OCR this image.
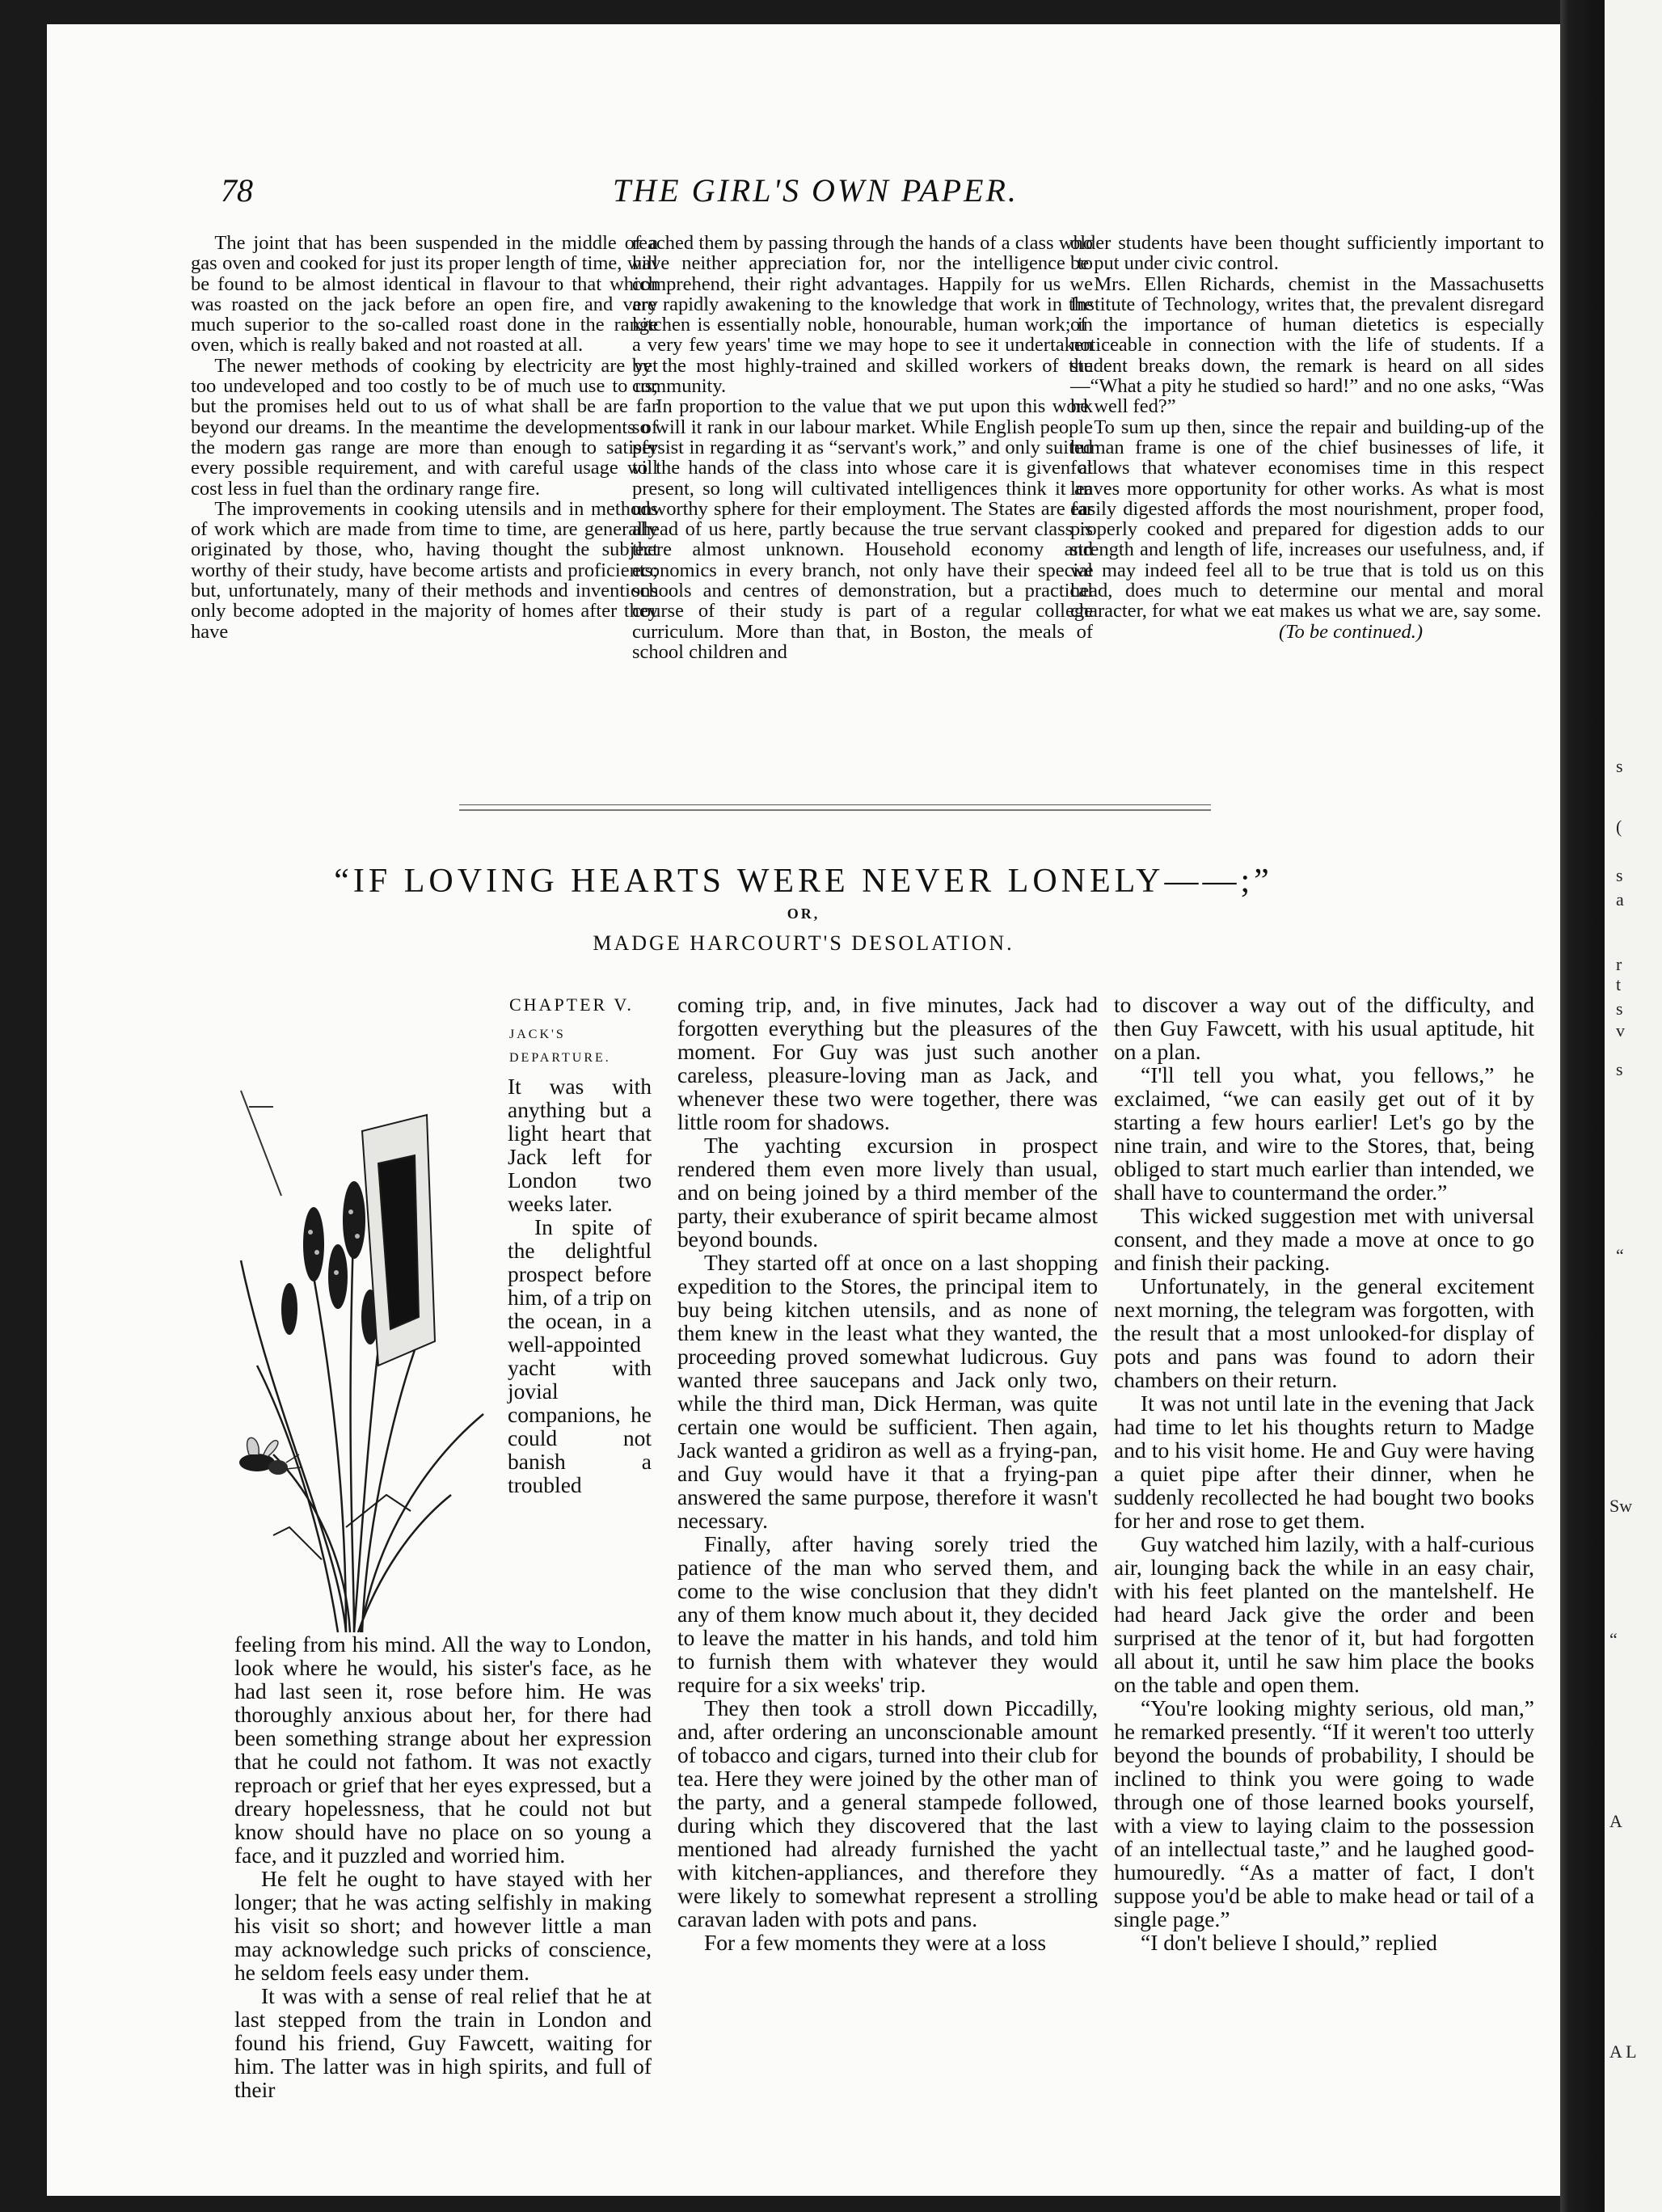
s
(
s
a
r
t
s
v
s
“
Sw
“
A
A L
78	THE GIRL'S OWN PAPER.

The joint that has been suspended in the middle of a gas oven and cooked for just its proper length of time, will be found to be almost identical in flavour to that which was roasted on the jack before an open fire, and very much superior to the so-called roast done in the range oven, which is really baked and not roasted at all.

The newer methods of cooking by electricity are yet too undeveloped and too costly to be of much use to us; but the promises held out to us of what shall be are far beyond our dreams. In the meantime the developments of the modern gas range are more than enough to satisfy every possible requirement, and with careful usage will cost less in fuel than the ordinary range fire.

The improvements in cooking utensils and in methods of work which are made from time to time, are generally originated by those, who, having thought the subject worthy of their study, have become artists and proficients; but, unfortunately, many of their methods and inventions only become adopted in the majority of homes after they have

reached them by passing through the hands of a class who have neither appreciation for, nor the intelligence to comprehend, their right advantages. Happily for us we are rapidly awakening to the knowledge that work in the kitchen is essentially noble, honourable, human work; in a very few years' time we may hope to see it undertaken by the most highly-trained and skilled workers of the community.

In proportion to the value that we put upon this work so will it rank in our labour market. While English people persist in regarding it as “servant's work,” and only suited to the hands of the class into whose care it is given at present, so long will cultivated intelligences think it an unworthy sphere for their employment. The States are far ahead of us here, partly because the true servant class is there almost unknown. Household economy and economics in every branch, not only have their special schools and centres of demonstration, but a practical course of their study is part of a regular college curriculum. More than that, in Boston, the meals of school children and

older students have been thought sufficiently important to be put under civic control.

Mrs. Ellen Richards, chemist in the Massachusetts Institute of Technology, writes that, the prevalent disregard of the importance of human dietetics is especially noticeable in connection with the life of students. If a student breaks down, the remark is heard on all sides—“What a pity he studied so hard!” and no one asks, “Was he well fed?”

To sum up then, since the repair and building-up of the human frame is one of the chief businesses of life, it follows that whatever economises time in this respect leaves more opportunity for other works. As what is most easily digested affords the most nourishment, proper food, properly cooked and prepared for digestion adds to our strength and length of life, increases our usefulness, and, if we may indeed feel all to be true that is told us on this head, does much to determine our mental and moral character, for what we eat makes us what we are, say some.

(To be continued.)

“IF LOVING HEARTS WERE NEVER LONELY——;”
OR,
MADGE HARCOURT'S DESOLATION.

CHAPTER V.

JACK'S DEPARTURE.

It was with anything but a light heart that Jack left for London two weeks later.

In spite of the delightful prospect before him, of a trip on the ocean, in a well-appointed yacht with jovial companions, he could not banish a troubled

feeling from his mind. All the way to London, look where he would, his sister's face, as he had last seen it, rose before him. He was thoroughly anxious about her, for there had been something strange about her expression that he could not fathom. It was not exactly reproach or grief that her eyes expressed, but a dreary hopelessness, that he could not but know should have no place on so young a face, and it puzzled and worried him.

He felt he ought to have stayed with her longer; that he was acting selfishly in making his visit so short; and however little a man may acknowledge such pricks of conscience, he seldom feels easy under them.

It was with a sense of real relief that he at last stepped from the train in London and found his friend, Guy Fawcett, waiting for him. The latter was in high spirits, and full of their

coming trip, and, in five minutes, Jack had forgotten everything but the pleasures of the moment. For Guy was just such another careless, pleasure-loving man as Jack, and whenever these two were together, there was little room for shadows.

The yachting excursion in prospect rendered them even more lively than usual, and on being joined by a third member of the party, their exuberance of spirit became almost beyond bounds.

They started off at once on a last shopping expedition to the Stores, the principal item to buy being kitchen utensils, and as none of them knew in the least what they wanted, the proceeding proved somewhat ludicrous. Guy wanted three saucepans and Jack only two, while the third man, Dick Herman, was quite certain one would be sufficient. Then again, Jack wanted a gridiron as well as a frying-pan, and Guy would have it that a frying-pan answered the same purpose, therefore it wasn't necessary.

Finally, after having sorely tried the patience of the man who served them, and come to the wise conclusion that they didn't any of them know much about it, they decided to leave the matter in his hands, and told him to furnish them with whatever they would require for a six weeks' trip.

They then took a stroll down Piccadilly, and, after ordering an unconscionable amount of tobacco and cigars, turned into their club for tea. Here they were joined by the other man of the party, and a general stampede followed, during which they discovered that the last mentioned had already furnished the yacht with kitchen-appliances, and therefore they were likely to somewhat represent a strolling caravan laden with pots and pans.

For a few moments they were at a loss

to discover a way out of the difficulty, and then Guy Fawcett, with his usual aptitude, hit on a plan.

“I'll tell you what, you fellows,” he exclaimed, “we can easily get out of it by starting a few hours earlier! Let's go by the nine train, and wire to the Stores, that, being obliged to start much earlier than intended, we shall have to countermand the order.”

This wicked suggestion met with universal consent, and they made a move at once to go and finish their packing.

Unfortunately, in the general excitement next morning, the telegram was forgotten, with the result that a most unlooked-for display of pots and pans was found to adorn their chambers on their return.

It was not until late in the evening that Jack had time to let his thoughts return to Madge and to his visit home. He and Guy were having a quiet pipe after their dinner, when he suddenly recollected he had bought two books for her and rose to get them.

Guy watched him lazily, with a half-curious air, lounging back the while in an easy chair, with his feet planted on the mantelshelf. He had heard Jack give the order and been surprised at the tenor of it, but had forgotten all about it, until he saw him place the books on the table and open them.

“You're looking mighty serious, old man,” he remarked presently. “If it weren't too utterly beyond the bounds of probability, I should be inclined to think you were going to wade through one of those learned books yourself, with a view to laying claim to the possession of an intellectual taste,” and he laughed good-humouredly. “As a matter of fact, I don't suppose you'd be able to make head or tail of a single page.”

“I don't believe I should,” replied
